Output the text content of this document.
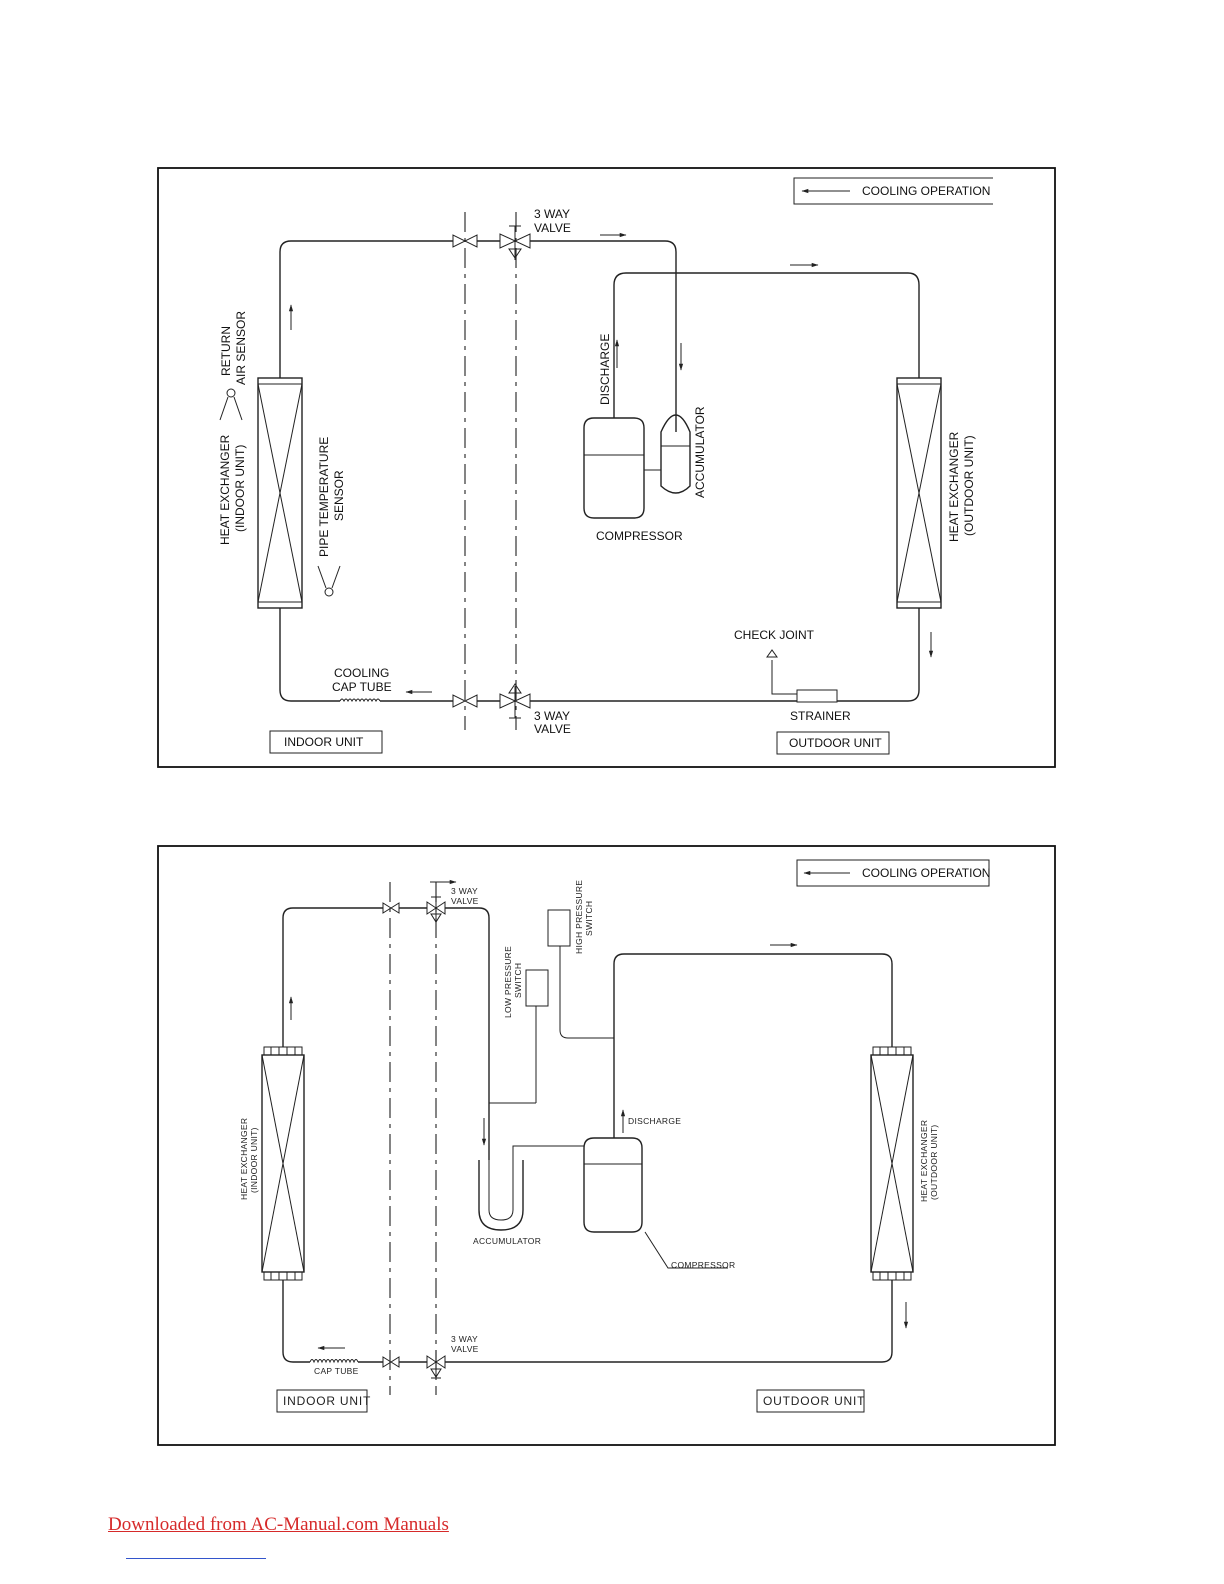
COOLING OPERATION
3 WAY
VALVE
3 WAY
VALVE
RETURN AIR SENSOR
HEAT EXCHANGER (INDOOR UNIT)	PIPE TEMPERATURE SENSOR
DISCHARGE
ACCUMULATOR
COMPRESSOR	HEAT EXCHANGER (OUTDOOR UNIT)
CHECK JOINT
COOLING
CAP TUBE
STRAINER
INDOOR UNIT	OUTDOOR UNIT
COOLING OPERATION
3 WAY
VALVE
3 WAY
VALVE
HIGH PRESSURE SWITCH
LOW PRESSURE SWITCH
DISCHARGE
HEAT EXCHANGER (INDOOR UNIT)	HEAT EXCHANGER (OUTDOOR UNIT)
ACCUMULATOR
COMPRESSOR
CAP TUBE
INDOOR UNIT	OUTDOOR UNIT
Downloaded from AC-Manual.com Manuals
